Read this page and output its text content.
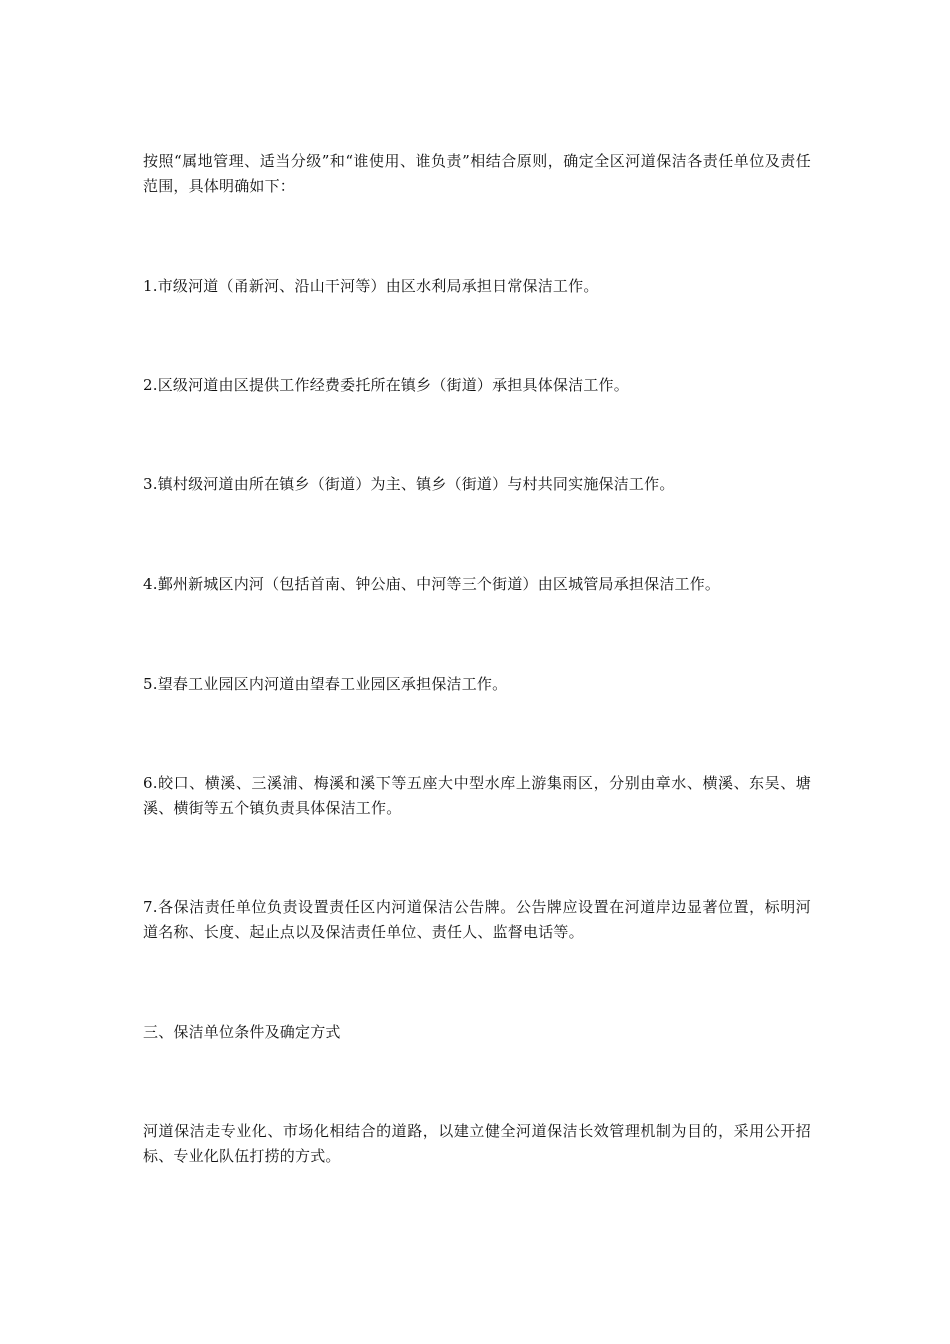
按照“属地管理、适当分级”和“谁使用、谁负责”相结合原则，确定全区河道保洁各责任单位及责任范围，具体明确如下：

1.市级河道（甬新河、沿山干河等）由区水利局承担日常保洁工作。

2.区级河道由区提供工作经费委托所在镇乡（街道）承担具体保洁工作。

3.镇村级河道由所在镇乡（街道）为主、镇乡（街道）与村共同实施保洁工作。

4.鄞州新城区内河（包括首南、钟公庙、中河等三个街道）由区城管局承担保洁工作。

5.望春工业园区内河道由望春工业园区承担保洁工作。

6.皎口、横溪、三溪浦、梅溪和溪下等五座大中型水库上游集雨区，分别由章水、横溪、东吴、塘溪、横街等五个镇负责具体保洁工作。

7.各保洁责任单位负责设置责任区内河道保洁公告牌。公告牌应设置在河道岸边显著位置，标明河道名称、长度、起止点以及保洁责任单位、责任人、监督电话等。

三、保洁单位条件及确定方式

河道保洁走专业化、市场化相结合的道路，以建立健全河道保洁长效管理机制为目的，采用公开招标、专业化队伍打捞的方式。
